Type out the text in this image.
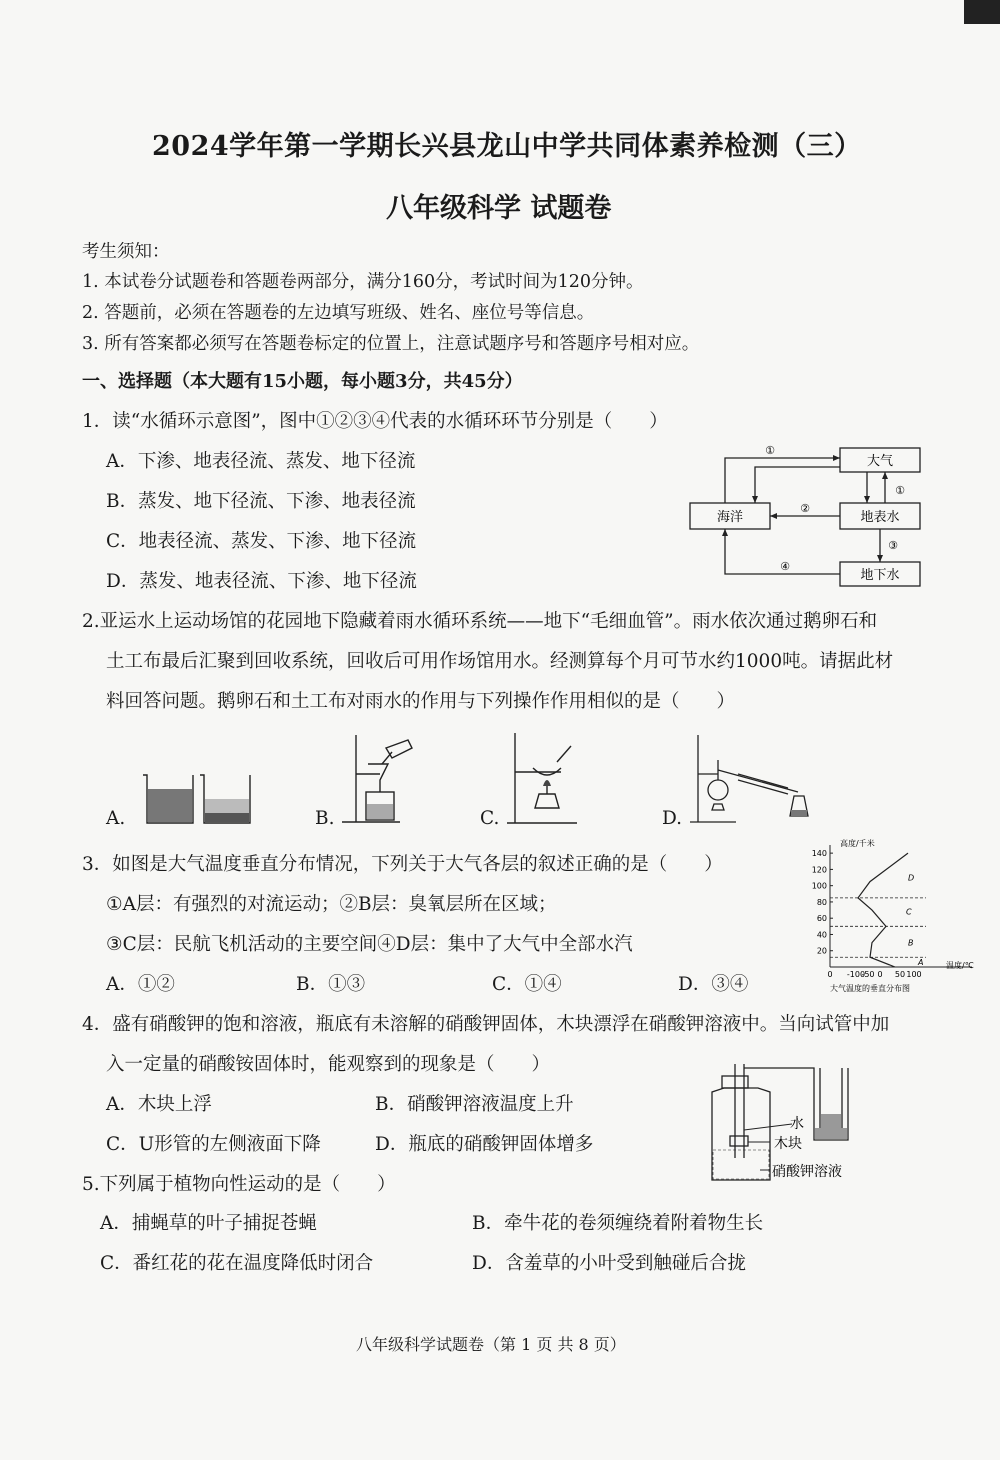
2024学年第一学期长兴县龙山中学共同体素养检测（三）
八年级科学 试题卷
考生须知：
1. 本试卷分试题卷和答题卷两部分，满分160分，考试时间为120分钟。
2. 答题前，必须在答题卷的左边填写班级、姓名、座位号等信息。
3. 所有答案都必须写在答题卷标定的位置上，注意试题序号和答题序号相对应。
一、选择题（本大题有15小题，每小题3分，共45分）
1．读“水循环示意图”，图中①②③④代表的水循环环节分别是（　　）
A．下渗、地表径流、蒸发、地下径流
B．蒸发、地下径流、下渗、地表径流
C．地表径流、蒸发、下渗、地下径流
D．蒸发、地表径流、下渗、地下径流
大气
海洋	地表水
地下水
①
①
②
③
④
2.亚运水上运动场馆的花园地下隐藏着雨水循环系统——地下“毛细血管”。雨水依次通过鹅卵石和
土工布最后汇聚到回收系统，回收后可用作场馆用水。经测算每个月可节水约1000吨。请据此材
料回答问题。鹅卵石和土工布对雨水的作用与下列操作作用相似的是（　　）
A.	B.	C.	D.
3．如图是大气温度垂直分布情况，下列关于大气各层的叙述正确的是（　　）
①A层：有强烈的对流运动；②B层：臭氧层所在区域；
③C层：民航飞机活动的主要空间④D层：集中了大气中全部水汽
A．①②	B．①③	C．①④	D．③④
高度/千米
温度/℃
大气温度的垂直分布图
20
40
60
80
100
120
140
0 -100
-50 0 50 100
A
B
C
D
4．盛有硝酸钾的饱和溶液，瓶底有未溶解的硝酸钾固体，木块漂浮在硝酸钾溶液中。当向试管中加
入一定量的硝酸铵固体时，能观察到的现象是（　　）
A．木块上浮	B．硝酸钾溶液温度上升
C．U形管的左侧液面下降	D．瓶底的硝酸钾固体增多
水
木块
硝酸钾溶液
5.下列属于植物向性运动的是（　　）
A．捕蝇草的叶子捕捉苍蝇	B．牵牛花的卷须缠绕着附着物生长
C．番红花的花在温度降低时闭合	D．含羞草的小叶受到触碰后合拢
八年级科学试题卷（第 1 页 共 8 页）
